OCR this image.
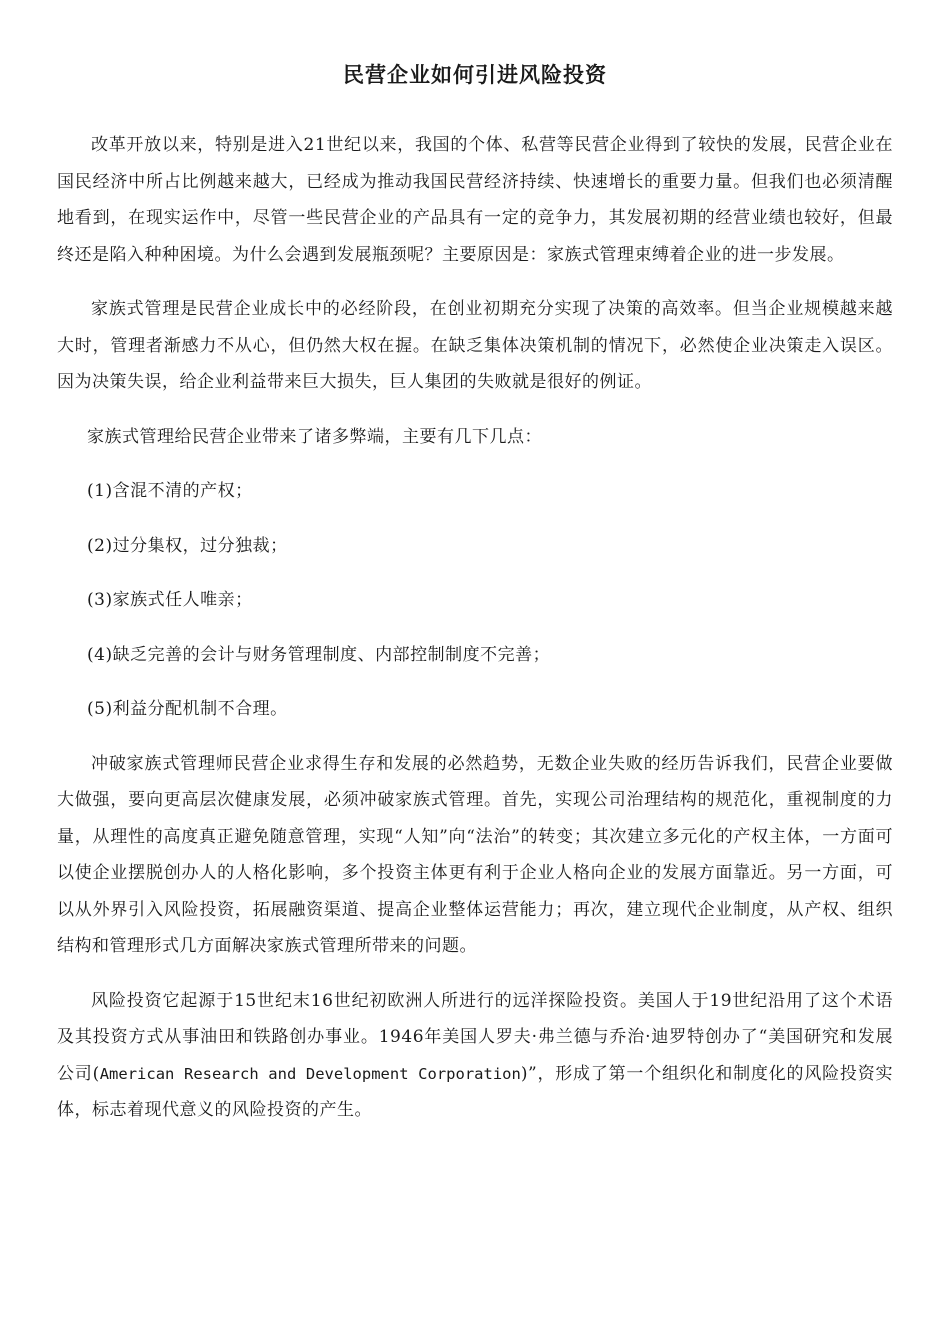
民营企业如何引进风险投资

改革开放以来，特别是进入21世纪以来，我国的个体、私营等民营企业得到了较快的发展，民营企业在国民经济中所占比例越来越大，已经成为推动我国民营经济持续、快速增长的重要力量。但我们也必须清醒地看到，在现实运作中，尽管一些民营企业的产品具有一定的竞争力，其发展初期的经营业绩也较好，但最终还是陷入种种困境。为什么会遇到发展瓶颈呢？主要原因是：家族式管理束缚着企业的进一步发展。

家族式管理是民营企业成长中的必经阶段，在创业初期充分实现了决策的高效率。但当企业规模越来越大时，管理者渐感力不从心，但仍然大权在握。在缺乏集体决策机制的情况下，必然使企业决策走入误区。因为决策失误，给企业利益带来巨大损失，巨人集团的失败就是很好的例证。

家族式管理给民营企业带来了诸多弊端，主要有几下几点：

(1)含混不清的产权；

(2)过分集权，过分独裁；

(3)家族式任人唯亲；

(4)缺乏完善的会计与财务管理制度、内部控制制度不完善；

(5)利益分配机制不合理。

冲破家族式管理师民营企业求得生存和发展的必然趋势，无数企业失败的经历告诉我们，民营企业要做大做强，要向更高层次健康发展，必须冲破家族式管理。首先，实现公司治理结构的规范化，重视制度的力量，从理性的高度真正避免随意管理，实现“人知”向“法治”的转变；其次建立多元化的产权主体，一方面可以使企业摆脱创办人的人格化影响，多个投资主体更有利于企业人格向企业的发展方面靠近。另一方面，可以从外界引入风险投资，拓展融资渠道、提高企业整体运营能力；再次，建立现代企业制度，从产权、组织结构和管理形式几方面解决家族式管理所带来的问题。

风险投资它起源于15世纪末16世纪初欧洲人所进行的远洋探险投资。美国人于19世纪沿用了这个术语及其投资方式从事油田和铁路创办事业。1946年美国人罗夫·弗兰德与乔治·迪罗特创办了“美国研究和发展公司(American Research and Development Corporation)”，形成了第一个组织化和制度化的风险投资实体，标志着现代意义的风险投资的产生。
